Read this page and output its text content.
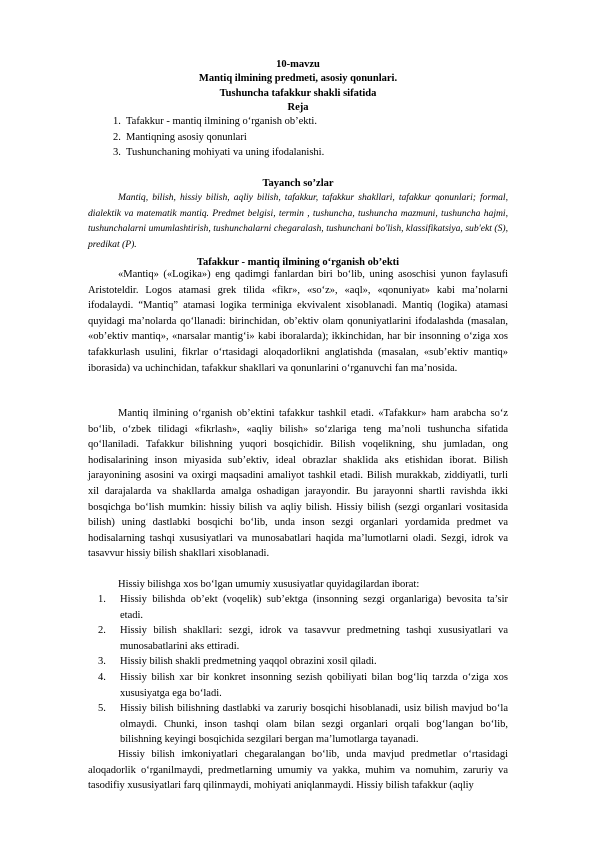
10-mavzu
Mantiq ilmining predmeti, asosiy qonunlari.
Tushuncha tafakkur shakli sifatida
Reja
1. Tafakkur - mantiq ilmining o‘rganish ob’ekti.
2. Mantiqning asosiy qonunlari
3. Tushunchaning mohiyati va uning ifodalanishi.
Tayanch so’zlar
Mantiq, bilish, hissiy bilish, aqliy bilish, tafakkur, tafakkur shakllari, tafakkur qonunlari; formal, dialektik va matematik mantiq. Predmet belgisi, termin , tushuncha, tushuncha mazmuni, tushuncha hajmi, tushunchalarni umumlashtirish, tushunchalarni chegaralash, tushunchani bo'lish, klassifikatsiya, sub'ekt (S), predikat (P).
Tafakkur - mantiq ilmining o‘rganish ob’ekti
«Mantiq» («Logika») eng qadimgi fanlardan biri bo‘lib, uning asoschisi yunon faylasufi Aristoteldir. Logos atamasi grek tilida «fikr», «so‘z», «aql», «qonuniyat» kabi ma’nolarni ifodalaydi. “Mantiq” atamasi logika terminiga ekvivalent xisoblanadi. Mantiq (logika) atamasi quyidagi ma’nolarda qo‘llanadi: birinchidan, ob’ektiv olam qonuniyatlarini ifodalashda (masalan, «ob’ektiv mantiq», «narsalar mantig‘i» kabi iboralarda); ikkinchidan, har bir insonning o‘ziga xos tafakkurlash usulini, fikrlar o‘rtasidagi aloqadorlikni anglatishda (masalan, «sub’ektiv mantiq» iborasida) va uchinchidan, tafakkur shakllari va qonunlarini o‘rganuvchi fan ma’nosida.
Mantiq ilmining o‘rganish ob’ektini tafakkur tashkil etadi. «Tafakkur» ham arabcha so‘z bo‘lib, o‘zbek tilidagi «fikrlash», «aqliy bilish» so‘zlariga teng ma’noli tushuncha sifatida qo‘llaniladi. Tafakkur bilishning yuqori bosqichidir. Bilish voqelikning, shu jumladan, ong hodisalarining inson miyasida sub’ektiv, ideal obrazlar shaklida aks etishidan iborat. Bilish jarayonining asosini va oxirgi maqsadini amaliyot tashkil etadi. Bilish murakkab, ziddiyatli, turli xil darajalarda va shakllarda amalga oshadigan jarayondir. Bu jarayonni shartli ravishda ikki bosqichga bo‘lish mumkin: hissiy bilish va aqliy bilish. Hissiy bilish (sezgi organlari vositasida bilish) uning dastlabki bosqichi bo‘lib, unda inson sezgi organlari yordamida predmet va hodisalarning tashqi xususiyatlari va munosabatlari haqida ma’lumotlarni oladi. Sezgi, idrok va tasavvur hissiy bilish shakllari xisoblanadi.
Hissiy bilishga xos bo‘lgan umumiy xususiyatlar quyidagilardan iborat:
1. Hissiy bilishda ob’ekt (voqelik) sub’ektga (insonning sezgi organlariga) bevosita ta’sir etadi.
2. Hissiy bilish shakllari: sezgi, idrok va tasavvur predmetning tashqi xususiyatlari va munosabatlarini aks ettiradi.
3. Hissiy bilish shakli predmetning yaqqol obrazini xosil qiladi.
4. Hissiy bilish xar bir konkret insonning sezish qobiliyati bilan bog‘liq tarzda o‘ziga xos xususiyatga ega bo‘ladi.
5. Hissiy bilish bilishning dastlabki va zaruriy bosqichi hisoblanadi, usiz bilish mavjud bo‘la olmaydi. Chunki, inson tashqi olam bilan sezgi organlari orqali bog‘langan bo‘lib, bilishning keyingi bosqichida sezgilari bergan ma’lumotlarga tayanadi.
Hissiy bilish imkoniyatlari chegaralangan bo‘lib, unda mavjud predmetlar o‘rtasidagi aloqadorlik o‘rganilmaydi, predmetlarning umumiy va yakka, muhim va nomuhim, zaruriy va tasodifiy xususiyatlari farq qilinmaydi, mohiyati aniqlanmaydi. Hissiy bilish tafakkur (aqliy
